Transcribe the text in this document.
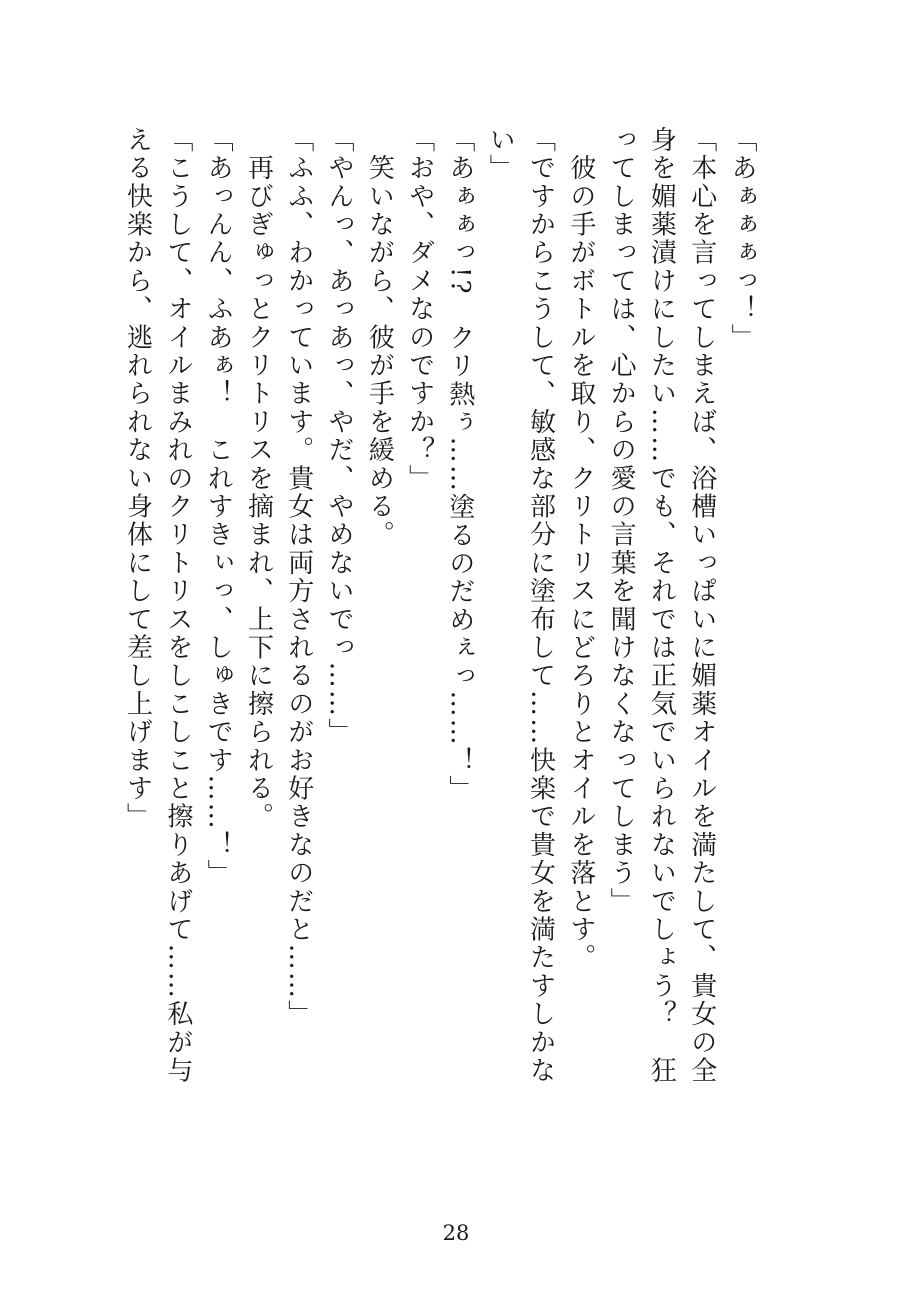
「あぁぁぁっ！」
「本心を言ってしまえば、浴槽いっぱいに媚薬オイルを満たして、貴女の全
身を媚薬漬けにしたい……でも、それでは正気でいられないでしょう？　狂
ってしまっては、心からの愛の言葉を聞けなくなってしまう」
　彼の手がボトルを取り、クリトリスにどろりとオイルを落とす。
「ですからこうして、敏感な部分に塗布して……快楽で貴女を満たすしかな
い」
「あぁぁっ!?　クリ熱ぅ……塗るのだめぇっ……！」
「おや、ダメなのですか？」
　笑いながら、彼が手を緩める。
「やんっ、あっあっ、やだ、やめないでっ……」
「ふふ、わかっています。貴女は両方されるのがお好きなのだと……」
　再びぎゅっとクリトリスを摘まれ、上下に擦られる。
「あっんん、ふあぁ！　これすきぃっ、しゅきです……！」
「こうして、オイルまみれのクリトリスをしこしこと擦りあげて……私が与
える快楽から、逃れられない身体にして差し上げます」
28
